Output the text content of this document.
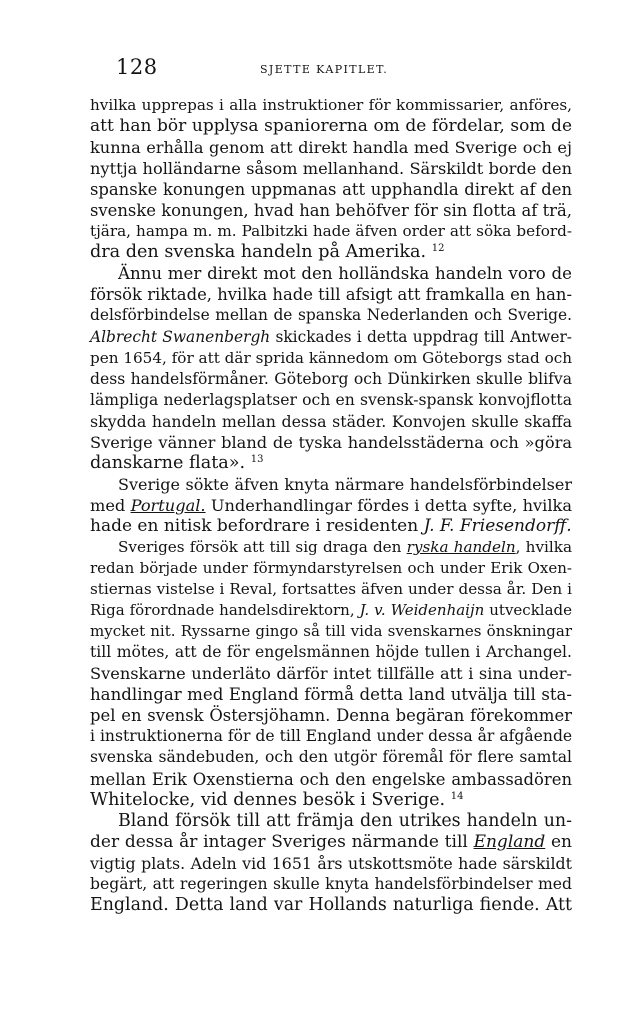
128	SJETTE KAPITLET.
hvilka upprepas i alla instruktioner för kommissarier, anföres,
att han bör upplysa spaniorerna om de fördelar, som de
kunna erhålla genom att direkt handla med Sverige och ej
nyttja holländarne såsom mellanhand. Särskildt borde den
spanske konungen uppmanas att upphandla direkt af den
svenske konungen, hvad han behöfver för sin flotta af trä,
tjära, hampa m. m. Palbitzki hade äfven order att söka beford-
dra den svenska handeln på Amerika. $^{12}$
Ännu mer direkt mot den holländska handeln voro de
försök riktade, hvilka hade till afsigt att framkalla en han-
delsförbindelse mellan de spanska Nederlanden och Sverige.
Albrecht Swanenbergh skickades i detta uppdrag till Antwer-
pen 1654, för att där sprida kännedom om Göteborgs stad och
dess handelsförmåner. Göteborg och Dünkirken skulle blifva
lämpliga nederlagsplatser och en svensk-spansk konvojflotta
skydda handeln mellan dessa städer. Konvojen skulle skaffa
Sverige vänner bland de tyska handelsstäderna och »göra
danskarne flata». $^{13}$
Sverige sökte äfven knyta närmare handelsförbindelser
med Portugal. Underhandlingar fördes i detta syfte, hvilka
hade en nitisk befordrare i residenten J. F. Friesendorff.
Sveriges försök att till sig draga den ryska handeln, hvilka
redan började under förmyndarstyrelsen och under Erik Oxen-
stiernas vistelse i Reval, fortsattes äfven under dessa år. Den i
Riga förordnade handelsdirektorn, J. v. Weidenhaijn utvecklade
mycket nit. Ryssarne gingo så till vida svenskarnes önskningar
till mötes, att de för engelsmännen höjde tullen i Archangel.
Svenskarne underläto därför intet tillfälle att i sina under-
handlingar med England förmå detta land utvälja till sta-
pel en svensk Östersjöhamn. Denna begäran förekommer
i instruktionerna för de till England under dessa år afgående
svenska sändebuden, och den utgör föremål för flere samtal
mellan Erik Oxenstierna och den engelske ambassadören
Whitelocke, vid dennes besök i Sverige. $^{14}$
Bland försök till att främja den utrikes handeln un-
der dessa år intager Sveriges närmande till England en
vigtig plats. Adeln vid 1651 års utskottsmöte hade särskildt
begärt, att regeringen skulle knyta handelsförbindelser med
England. Detta land var Hollands naturliga fiende. Att
